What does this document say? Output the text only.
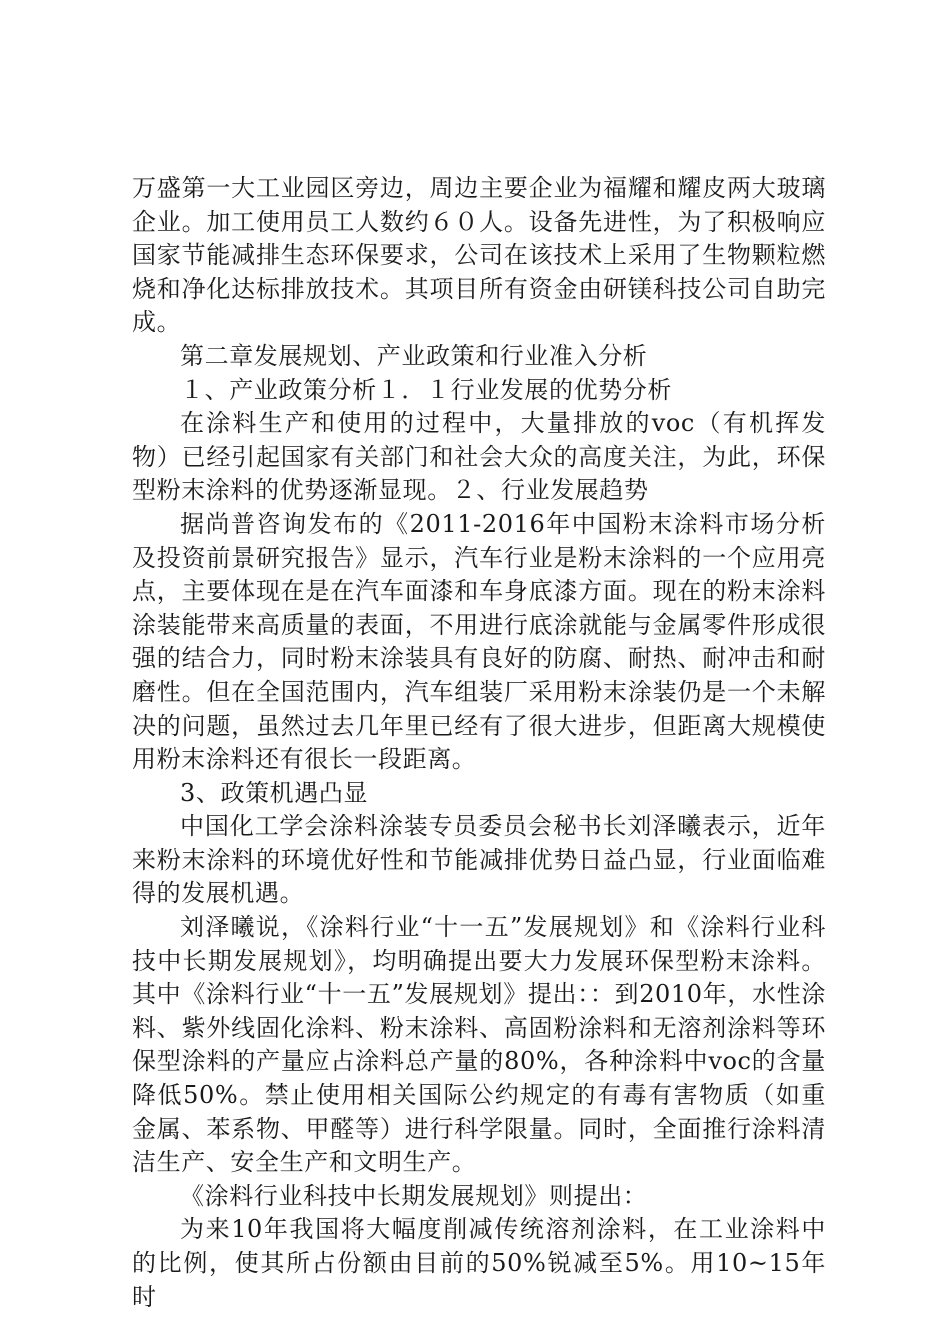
万盛第一大工业园区旁边，周边主要企业为福耀和耀皮两大玻璃企业。加工使用员工人数约６０人。设备先进性，为了积极响应国家节能减排生态环保要求，公司在该技术上采用了生物颗粒燃烧和净化达标排放技术。其项目所有资金由研镁科技公司自助完成。

第二章发展规划、产业政策和行业准入分析

１、产业政策分析１．１行业发展的优势分析

在涂料生产和使用的过程中，大量排放的voc（有机挥发物）已经引起国家有关部门和社会大众的高度关注，为此，环保型粉末涂料的优势逐渐显现。２、行业发展趋势

据尚普咨询发布的《2011-2016年中国粉末涂料市场分析及投资前景研究报告》显示，汽车行业是粉末涂料的一个应用亮点，主要体现在是在汽车面漆和车身底漆方面。现在的粉末涂料涂装能带来高质量的表面，不用进行底涂就能与金属零件形成很强的结合力，同时粉末涂装具有良好的防腐、耐热、耐冲击和耐磨性。但在全国范围内，汽车组装厂采用粉末涂装仍是一个未解决的问题，虽然过去几年里已经有了很大进步，但距离大规模使用粉末涂料还有很长一段距离。

3、政策机遇凸显

中国化工学会涂料涂装专员委员会秘书长刘泽曦表示，近年来粉末涂料的环境优好性和节能减排优势日益凸显，行业面临难得的发展机遇。

刘泽曦说，《涂料行业“十一五”发展规划》和《涂料行业科技中长期发展规划》，均明确提出要大力发展环保型粉末涂料。其中《涂料行业“十一五”发展规划》提出：：到2010年，水性涂料、紫外线固化涂料、粉末涂料、高固粉涂料和无溶剂涂料等环保型涂料的产量应占涂料总产量的80%，各种涂料中voc的含量降低50%。禁止使用相关国际公约规定的有毒有害物质（如重金属、苯系物、甲醛等）进行科学限量。同时，全面推行涂料清洁生产、安全生产和文明生产。

《涂料行业科技中长期发展规划》则提出：

为来10年我国将大幅度削减传统溶剂涂料，在工业涂料中的比例，使其所占份额由目前的50%锐减至5%。用10~15年时
